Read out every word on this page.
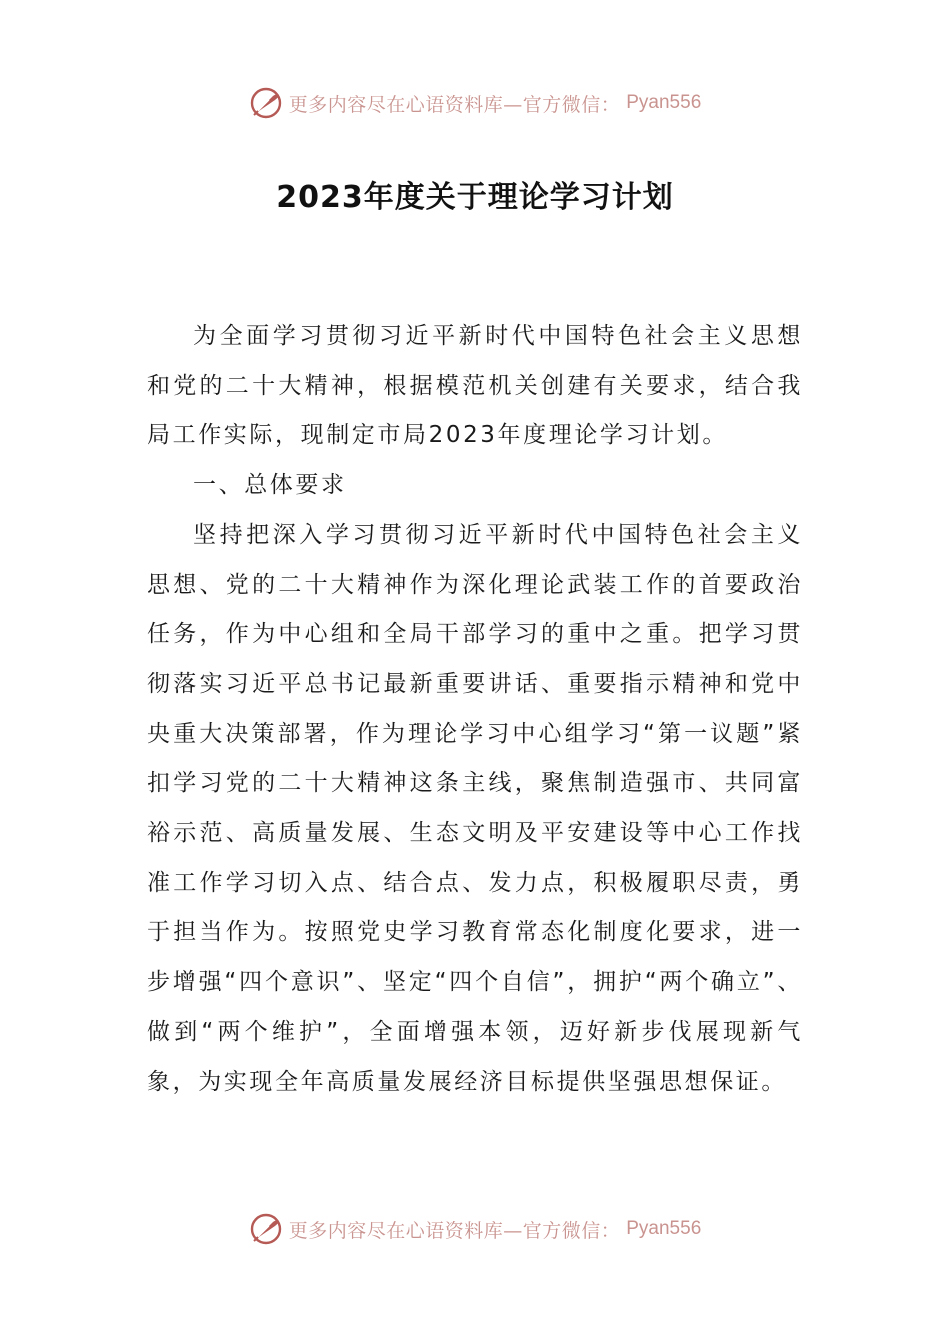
更多内容尽在心语资料库—官方微信： Pyan556
2023年度关于理论学习计划

为全面学习贯彻习近平新时代中国特色社会主义思想和党的二十大精神，根据模范机关创建有关要求，结合我局工作实际，现制定市局2023年度理论学习计划。

一、总体要求

坚持把深入学习贯彻习近平新时代中国特色社会主义思想、党的二十大精神作为深化理论武装工作的首要政治任务，作为中心组和全局干部学习的重中之重。把学习贯彻落实习近平总书记最新重要讲话、重要指示精神和党中央重大决策部署，作为理论学习中心组学习“第一议题”紧扣学习党的二十大精神这条主线，聚焦制造强市、共同富裕示范、高质量发展、生态文明及平安建设等中心工作找准工作学习切入点、结合点、发力点，积极履职尽责，勇于担当作为。按照党史学习教育常态化制度化要求，进一步增强“四个意识”、坚定“四个自信”，拥护“两个确立”、做到“两个维护”，全面增强本领，迈好新步伐展现新气象，为实现全年高质量发展经济目标提供坚强思想保证。

更多内容尽在心语资料库—官方微信： Pyan556
